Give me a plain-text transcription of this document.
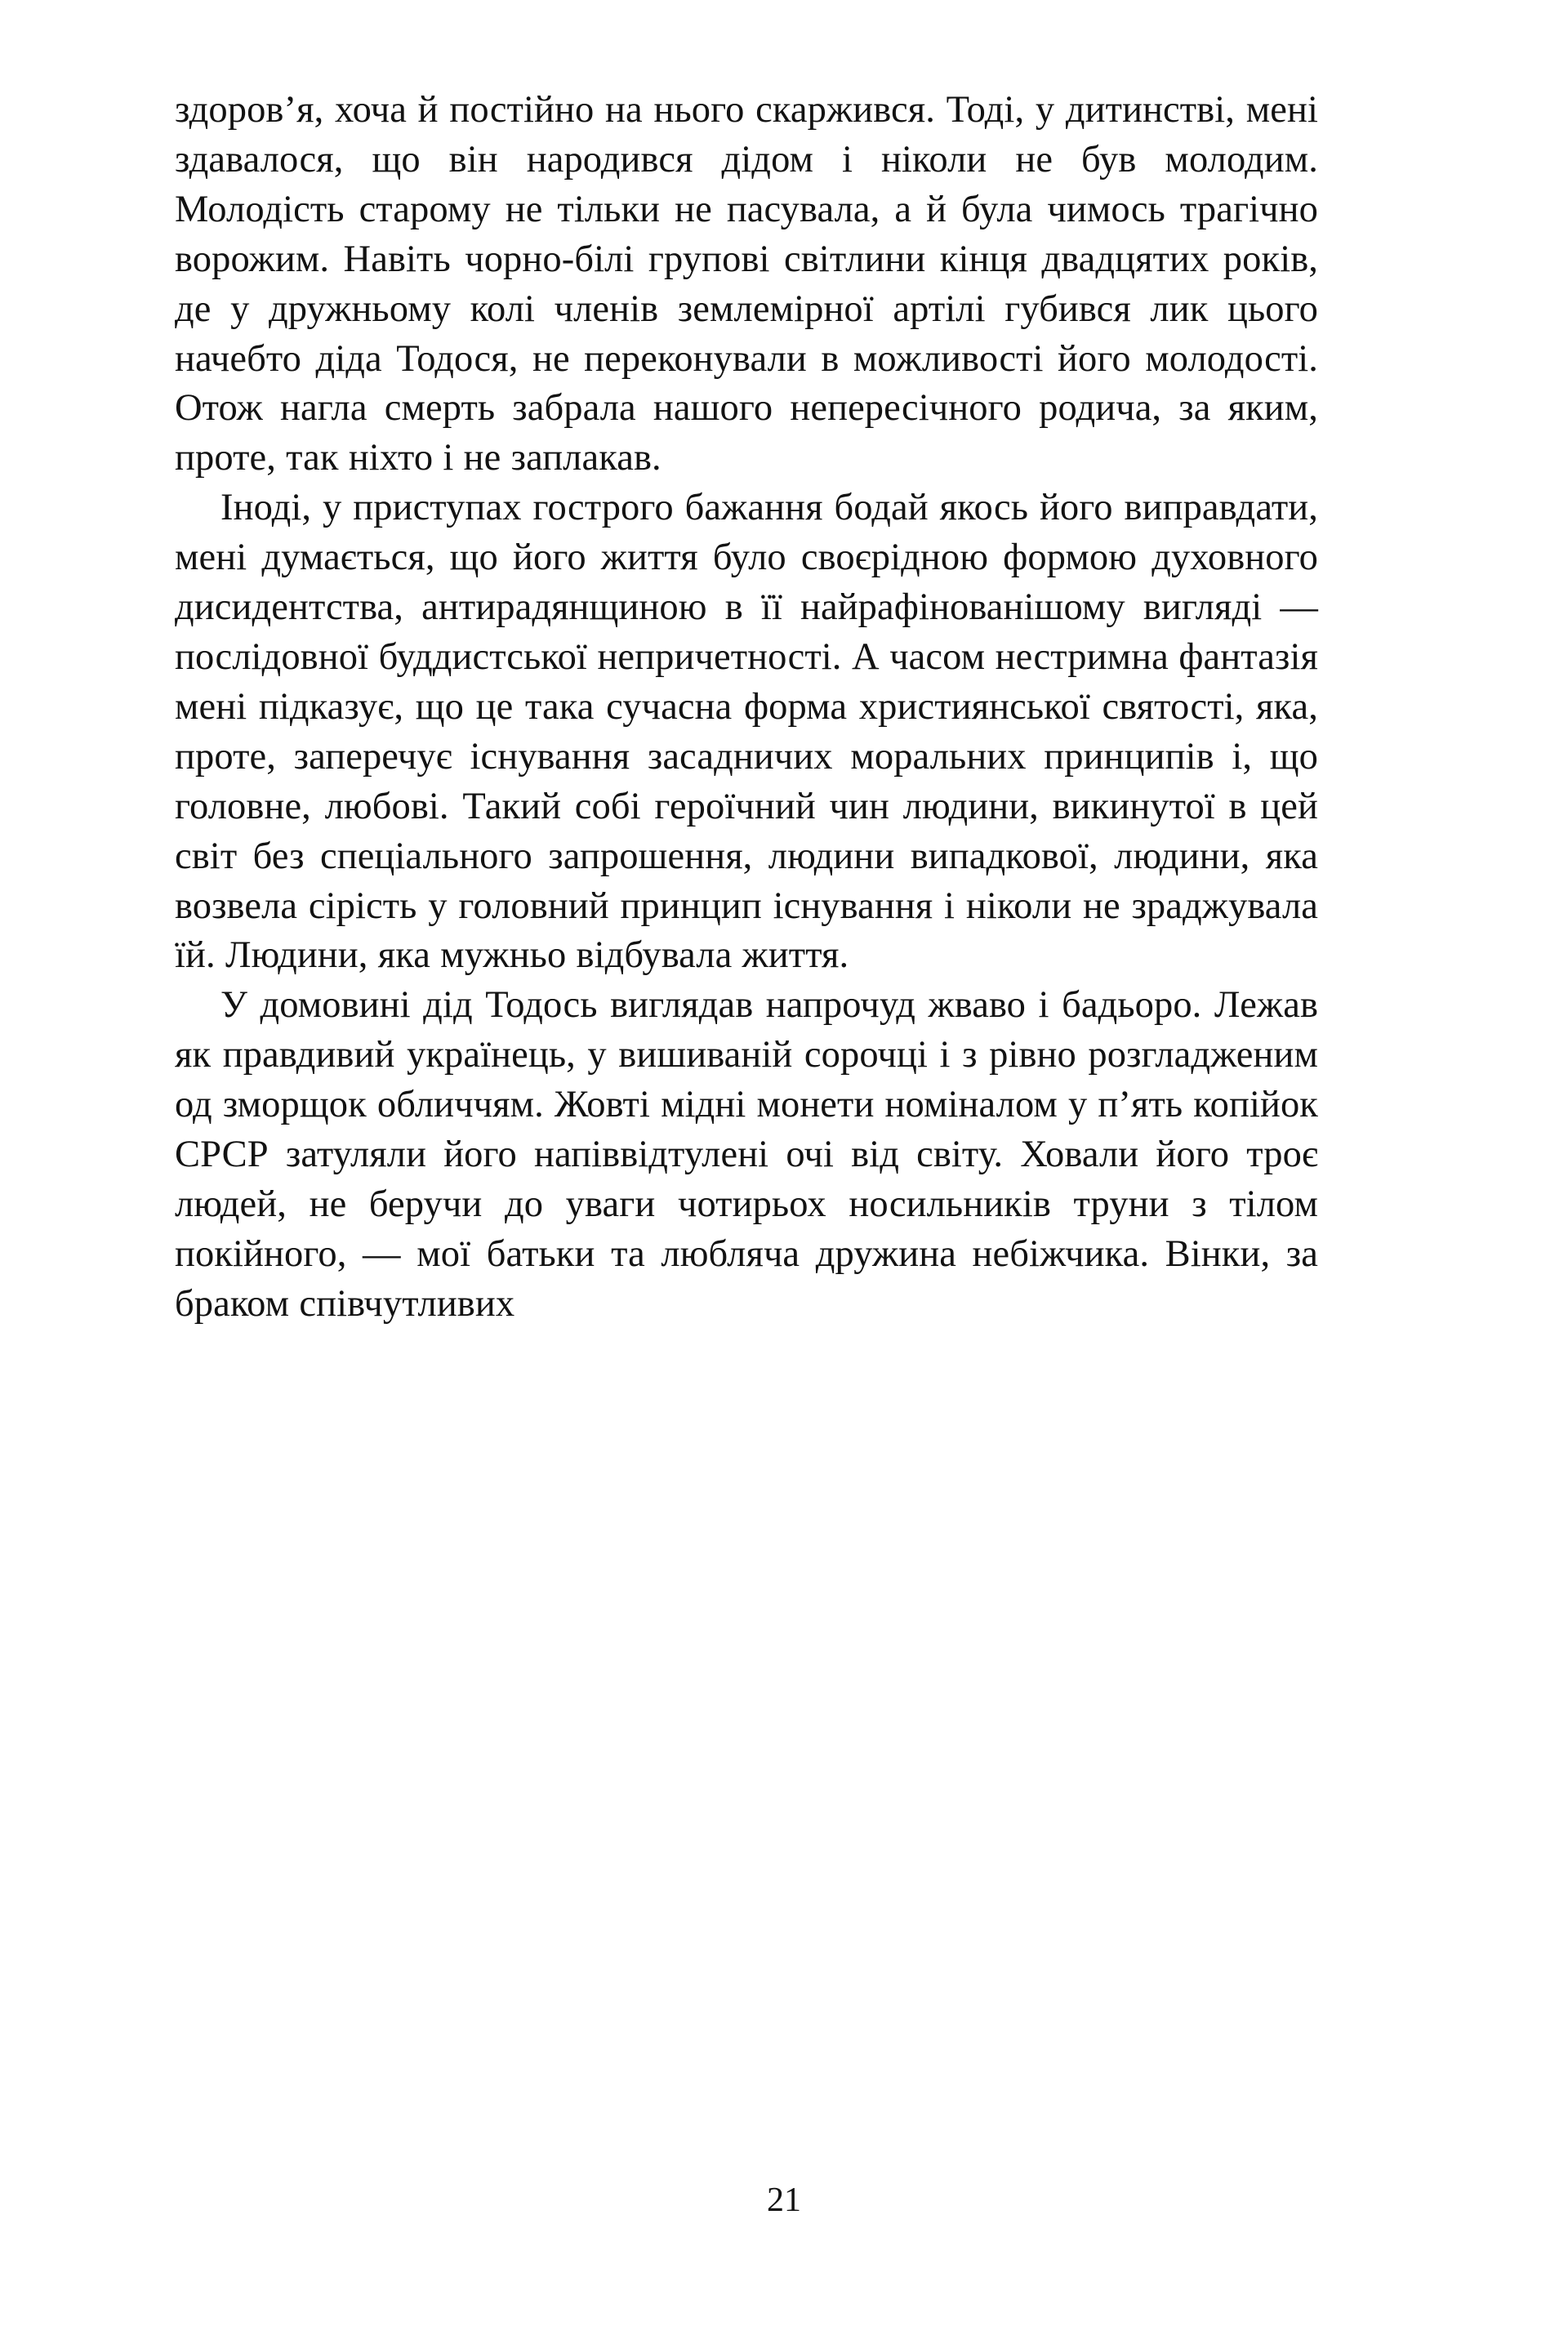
здоров’я, хоча й постійно на нього скаржився. Тоді, у дитинстві, мені здавалося, що він народився дідом і ніколи не був молодим. Молодість старому не тільки не пасувала, а й була чимось трагічно ворожим. Навіть чорно-білі групові світлини кінця двадцятих років, де у дружньому колі членів землемірної артілі губився лик цього начебто діда Тодося, не переконували в можливості його молодості. Отож нагла смерть забрала нашого непересічного родича, за яким, проте, так ніхто і не заплакав.

Іноді, у приступах гострого бажання бодай якось його виправдати, мені думається, що його життя було своєрідною формою духовного дисидентства, антирадянщиною в її найрафінованішому вигляді — послідовної буддистської непричетності. А часом нестримна фантазія мені підказує, що це така сучасна форма християнської святості, яка, проте, заперечує існування засадничих моральних принципів і, що головне, любові. Такий собі героїчний чин людини, викинутої в цей світ без спеціального запрошення, людини випадкової, людини, яка возвела сірість у головний принцип існування і ніколи не зраджувала їй. Людини, яка мужньо відбувала життя.

У домовині дід Тодось виглядав напрочуд жваво і бадьоро. Лежав як правдивий українець, у вишиваній сорочці і з рівно розгладженим од зморщок обличчям. Жовті мідні монети номіналом у п’ять копійок СРСР затуляли його напіввідтулені очі від світу. Ховали його троє людей, не беручи до уваги чотирьох носильників труни з тілом покійного, — мої батьки та любляча дружина небіжчика. Вінки, за браком співчутливих

21
